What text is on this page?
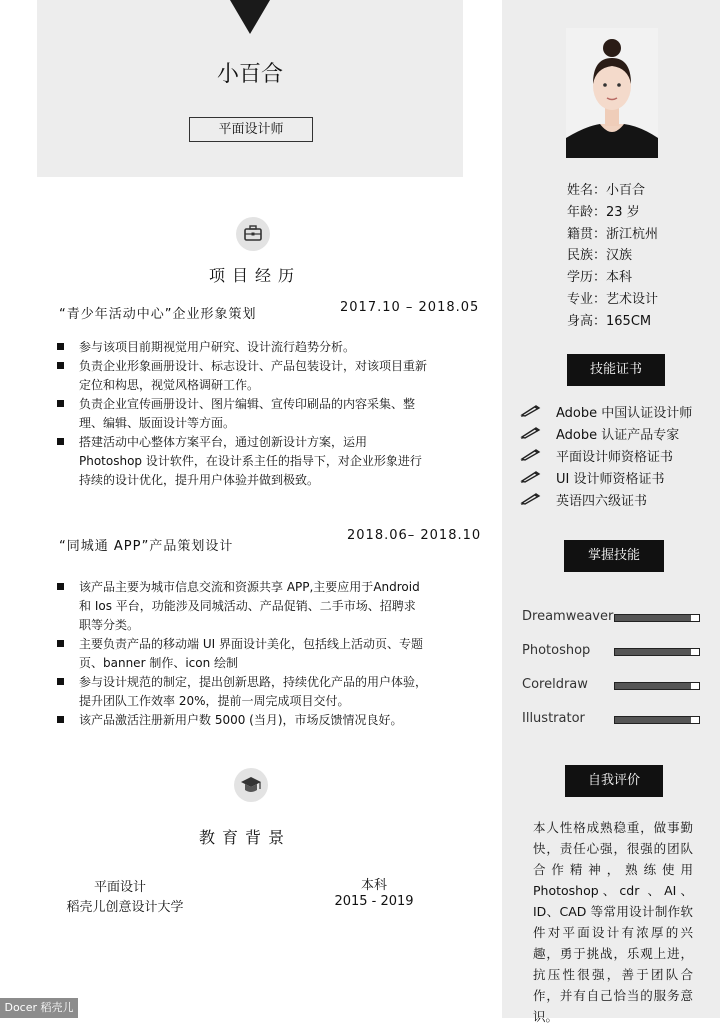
小百合
平面设计师
姓名：小百合
年龄：23 岁
籍贯：浙江杭州
民族：汉族
学历：本科
专业：艺术设计
身高：165CM
技能证书
Adobe 中国认证设计师
Adobe 认证产品专家
平面设计师资格证书
UI 设计师资格证书
英语四六级证书
掌握技能
Dreamweaver
Photoshop
Coreldraw
Illustrator
自我评价
本人性格成熟稳重，做事勤快，责任心强，很强的团队合作精神，熟练使用Photoshop、cdr 、AI、ID、CAD 等常用设计制作软件对平面设计有浓厚的兴趣，勇于挑战，乐观上进，抗压性很强，善于团队合作，并有自己恰当的服务意识。
项目经历
“青少年活动中心”企业形象策划	2017.10 – 2018.05
参与该项目前期视觉用户研究、设计流行趋势分析。
负责企业形象画册设计、标志设计、产品包装设计，对该项目重新定位和构思，视觉风格调研工作。
负责企业宣传画册设计、图片编辑、宣传印刷品的内容采集、整理、编辑、版面设计等方面。
搭建活动中心整体方案平台，通过创新设计方案，运用Photoshop 设计软件，在设计系主任的指导下，对企业形象进行持续的设计优化，提升用户体验并做到极致。
“同城通 APP”产品策划设计
2018.06– 2018.10
该产品主要为城市信息交流和资源共享 APP,主要应用于Android 和 Ios 平台，功能涉及同城活动、产品促销、二手市场、招聘求职等分类。
主要负责产品的移动端 UI 界面设计美化，包括线上活动页、专题页、banner 制作、icon 绘制
参与设计规范的制定，提出创新思路，持续优化产品的用户体验，提升团队工作效率 20%，提前一周完成项目交付。
该产品激活注册新用户数 5000 (当月)，市场反馈情况良好。
教育背景
平面设计
稻壳儿创意设计大学
本科
2015 - 2019
Docer 稻壳儿
